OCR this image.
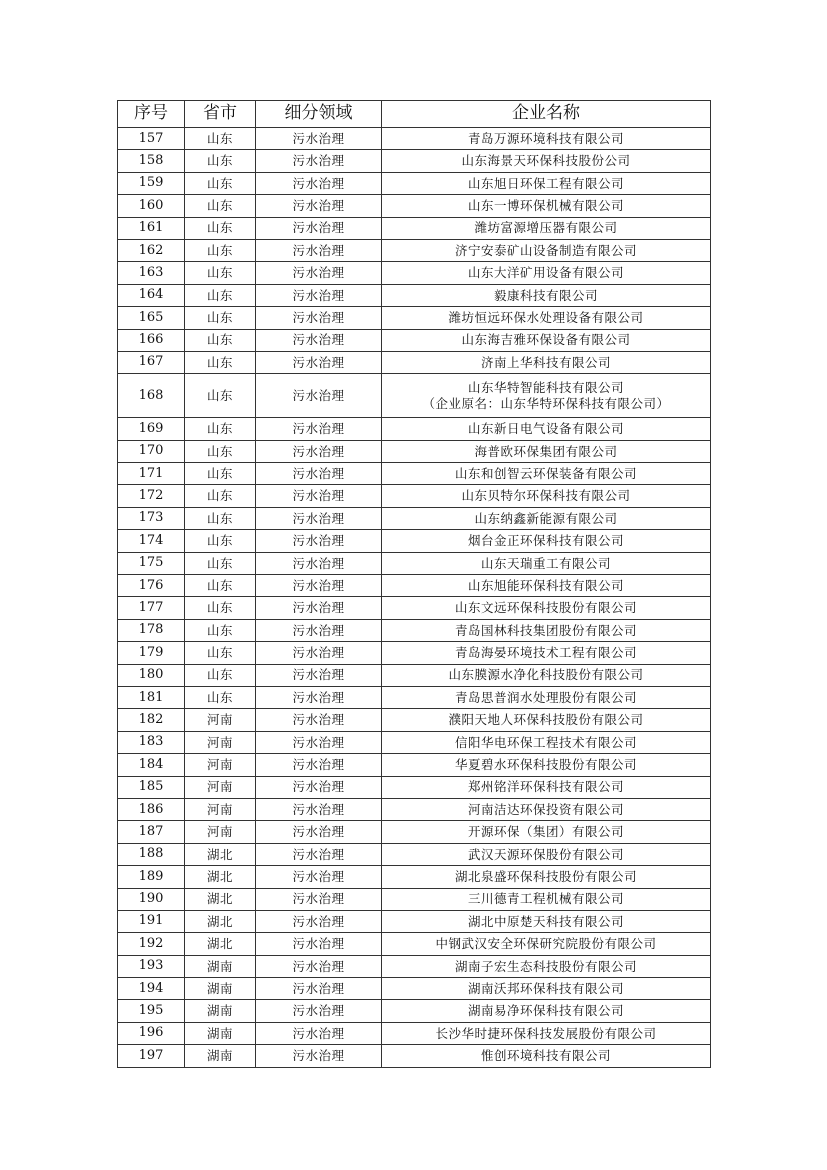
序号	省市	细分领域	企业名称
157	山东	污水治理	青岛万源环境科技有限公司
158	山东	污水治理	山东海景天环保科技股份公司
159	山东	污水治理	山东旭日环保工程有限公司
160	山东	污水治理	山东一博环保机械有限公司
161	山东	污水治理	潍坊富源增压器有限公司
162	山东	污水治理	济宁安泰矿山设备制造有限公司
163	山东	污水治理	山东大洋矿用设备有限公司
164	山东	污水治理	毅康科技有限公司
165	山东	污水治理	潍坊恒远环保水处理设备有限公司
166	山东	污水治理	山东海吉雅环保设备有限公司
167	山东	污水治理	济南上华科技有限公司
168	山东	污水治理	山东华特智能科技有限公司
（企业原名：山东华特环保科技有限公司）

169	山东	污水治理	山东新日电气设备有限公司
170	山东	污水治理	海普欧环保集团有限公司
171	山东	污水治理	山东和创智云环保装备有限公司
172	山东	污水治理	山东贝特尔环保科技有限公司
173	山东	污水治理	山东纳鑫新能源有限公司
174	山东	污水治理	烟台金正环保科技有限公司
175	山东	污水治理	山东天瑞重工有限公司
176	山东	污水治理	山东旭能环保科技有限公司
177	山东	污水治理	山东文远环保科技股份有限公司
178	山东	污水治理	青岛国林科技集团股份有限公司
179	山东	污水治理	青岛海晏环境技术工程有限公司
180	山东	污水治理	山东膜源水净化科技股份有限公司
181	山东	污水治理	青岛思普润水处理股份有限公司
182	河南	污水治理	濮阳天地人环保科技股份有限公司
183	河南	污水治理	信阳华电环保工程技术有限公司
184	河南	污水治理	华夏碧水环保科技股份有限公司
185	河南	污水治理	郑州铭洋环保科技有限公司
186	河南	污水治理	河南洁达环保投资有限公司
187	河南	污水治理	开源环保（集团）有限公司
188	湖北	污水治理	武汉天源环保股份有限公司
189	湖北	污水治理	湖北泉盛环保科技股份有限公司
190	湖北	污水治理	三川德青工程机械有限公司
191	湖北	污水治理	湖北中原楚天科技有限公司
192	湖北	污水治理	中钢武汉安全环保研究院股份有限公司
193	湖南	污水治理	湖南子宏生态科技股份有限公司
194	湖南	污水治理	湖南沃邦环保科技有限公司
195	湖南	污水治理	湖南易净环保科技有限公司
196	湖南	污水治理	长沙华时捷环保科技发展股份有限公司
197	湖南	污水治理	惟创环境科技有限公司
